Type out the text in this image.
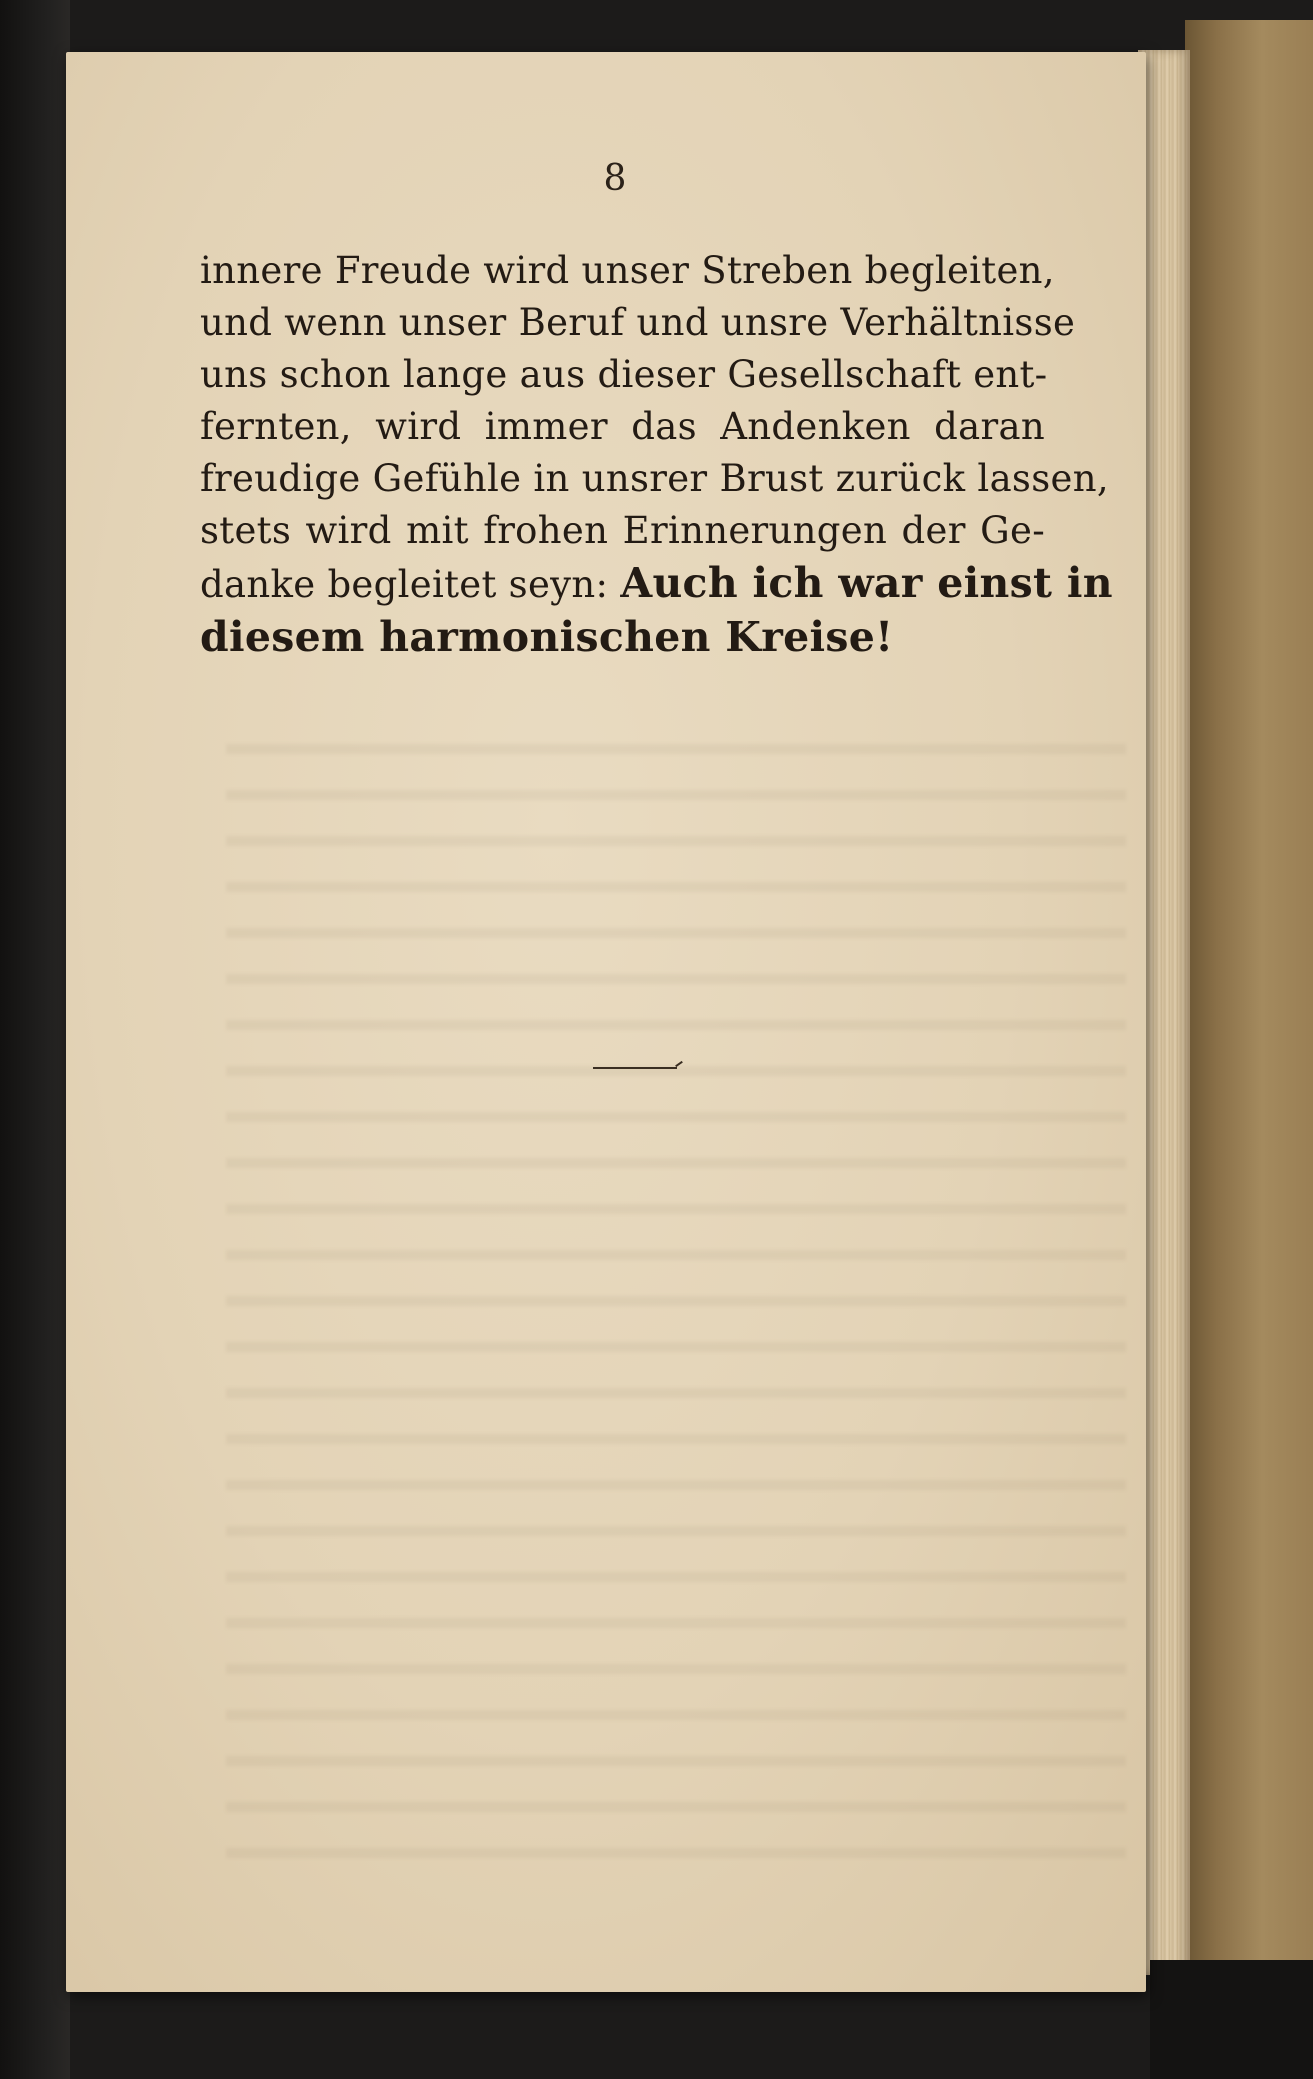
8
innere Freude wird unser Streben begleiten,
und wenn unser Beruf und unsre Verhältnisse
uns schon lange aus dieser Gesellschaft ent-
fernten, wird immer das Andenken daran
freudige Gefühle in unsrer Brust zurück lassen,
stets wird mit frohen Erinnerungen der Ge-
danke begleitet seyn: Auch ich war einst in
diesem harmonischen Kreise!
